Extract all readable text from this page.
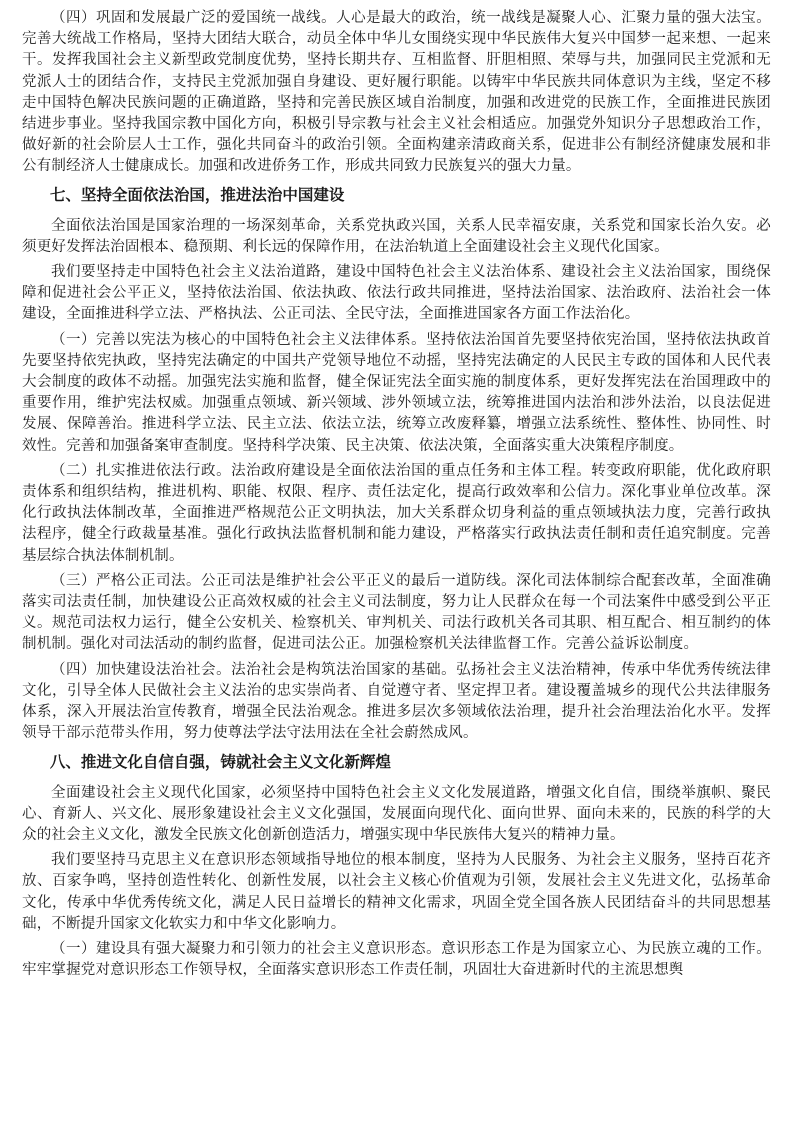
（四）巩固和发展最广泛的爱国统一战线。人心是最大的政治，统一战线是凝聚人心、汇聚力量的强大法宝。完善大统战工作格局，坚持大团结大联合，动员全体中华儿女围绕实现中华民族伟大复兴中国梦一起来想、一起来干。发挥我国社会主义新型政党制度优势，坚持长期共存、互相监督、肝胆相照、荣辱与共，加强同民主党派和无党派人士的团结合作，支持民主党派加强自身建设、更好履行职能。以铸牢中华民族共同体意识为主线，坚定不移走中国特色解决民族问题的正确道路，坚持和完善民族区域自治制度，加强和改进党的民族工作，全面推进民族团结进步事业。坚持我国宗教中国化方向，积极引导宗教与社会主义社会相适应。加强党外知识分子思想政治工作，做好新的社会阶层人士工作，强化共同奋斗的政治引领。全面构建亲清政商关系，促进非公有制经济健康发展和非公有制经济人士健康成长。加强和改进侨务工作，形成共同致力民族复兴的强大力量。

七、坚持全面依法治国，推进法治中国建设

全面依法治国是国家治理的一场深刻革命，关系党执政兴国，关系人民幸福安康，关系党和国家长治久安。必须更好发挥法治固根本、稳预期、利长远的保障作用，在法治轨道上全面建设社会主义现代化国家。

我们要坚持走中国特色社会主义法治道路，建设中国特色社会主义法治体系、建设社会主义法治国家，围绕保障和促进社会公平正义，坚持依法治国、依法执政、依法行政共同推进，坚持法治国家、法治政府、法治社会一体建设，全面推进科学立法、严格执法、公正司法、全民守法，全面推进国家各方面工作法治化。

（一）完善以宪法为核心的中国特色社会主义法律体系。坚持依法治国首先要坚持依宪治国，坚持依法执政首先要坚持依宪执政，坚持宪法确定的中国共产党领导地位不动摇，坚持宪法确定的人民民主专政的国体和人民代表大会制度的政体不动摇。加强宪法实施和监督，健全保证宪法全面实施的制度体系，更好发挥宪法在治国理政中的重要作用，维护宪法权威。加强重点领域、新兴领域、涉外领域立法，统筹推进国内法治和涉外法治，以良法促进发展、保障善治。推进科学立法、民主立法、依法立法，统筹立改废释纂，增强立法系统性、整体性、协同性、时效性。完善和加强备案审查制度。坚持科学决策、民主决策、依法决策，全面落实重大决策程序制度。

（二）扎实推进依法行政。法治政府建设是全面依法治国的重点任务和主体工程。转变政府职能，优化政府职责体系和组织结构，推进机构、职能、权限、程序、责任法定化，提高行政效率和公信力。深化事业单位改革。深化行政执法体制改革，全面推进严格规范公正文明执法，加大关系群众切身利益的重点领域执法力度，完善行政执法程序，健全行政裁量基准。强化行政执法监督机制和能力建设，严格落实行政执法责任制和责任追究制度。完善基层综合执法体制机制。

（三）严格公正司法。公正司法是维护社会公平正义的最后一道防线。深化司法体制综合配套改革，全面准确落实司法责任制，加快建设公正高效权威的社会主义司法制度，努力让人民群众在每一个司法案件中感受到公平正义。规范司法权力运行，健全公安机关、检察机关、审判机关、司法行政机关各司其职、相互配合、相互制约的体制机制。强化对司法活动的制约监督，促进司法公正。加强检察机关法律监督工作。完善公益诉讼制度。

（四）加快建设法治社会。法治社会是构筑法治国家的基础。弘扬社会主义法治精神，传承中华优秀传统法律文化，引导全体人民做社会主义法治的忠实崇尚者、自觉遵守者、坚定捍卫者。建设覆盖城乡的现代公共法律服务体系，深入开展法治宣传教育，增强全民法治观念。推进多层次多领域依法治理，提升社会治理法治化水平。发挥领导干部示范带头作用，努力使尊法学法守法用法在全社会蔚然成风。

八、推进文化自信自强，铸就社会主义文化新辉煌

全面建设社会主义现代化国家，必须坚持中国特色社会主义文化发展道路，增强文化自信，围绕举旗帜、聚民心、育新人、兴文化、展形象建设社会主义文化强国，发展面向现代化、面向世界、面向未来的，民族的科学的大众的社会主义文化，激发全民族文化创新创造活力，增强实现中华民族伟大复兴的精神力量。

我们要坚持马克思主义在意识形态领域指导地位的根本制度，坚持为人民服务、为社会主义服务，坚持百花齐放、百家争鸣，坚持创造性转化、创新性发展，以社会主义核心价值观为引领，发展社会主义先进文化，弘扬革命文化，传承中华优秀传统文化，满足人民日益增长的精神文化需求，巩固全党全国各族人民团结奋斗的共同思想基础，不断提升国家文化软实力和中华文化影响力。

（一）建设具有强大凝聚力和引领力的社会主义意识形态。意识形态工作是为国家立心、为民族立魂的工作。牢牢掌握党对意识形态工作领导权，全面落实意识形态工作责任制，巩固壮大奋进新时代的主流思想舆
